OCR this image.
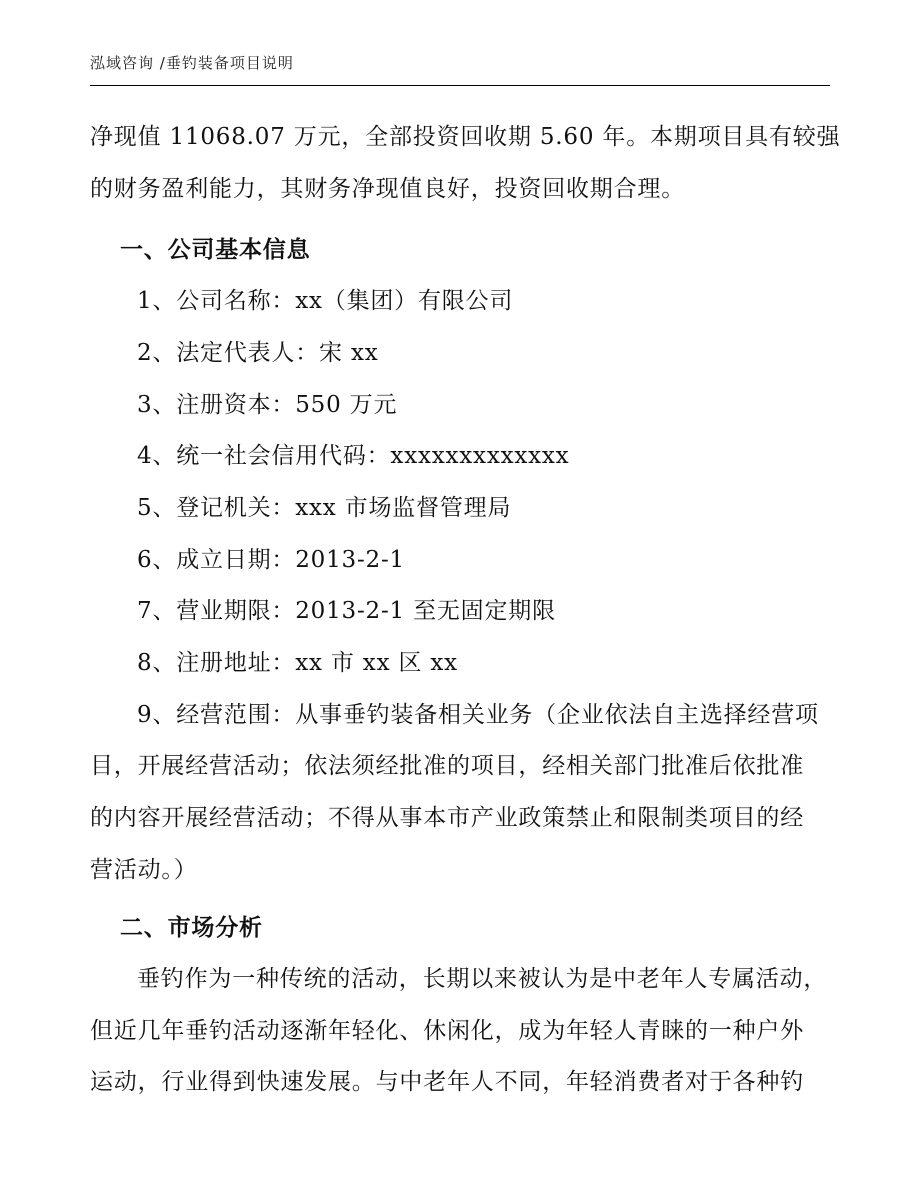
泓域咨询 /垂钓装备项目说明
净现值 11068.07 万元，全部投资回收期 5.60 年。本期项目具有较强
的财务盈利能力，其财务净现值良好，投资回收期合理。
一、公司基本信息
1、公司名称：xx（集团）有限公司
2、法定代表人：宋 xx
3、注册资本：550 万元
4、统一社会信用代码：xxxxxxxxxxxxx
5、登记机关：xxx 市场监督管理局
6、成立日期：2013-2-1
7、营业期限：2013-2-1 至无固定期限
8、注册地址：xx 市 xx 区 xx
9、经营范围：从事垂钓装备相关业务（企业依法自主选择经营项
目，开展经营活动；依法须经批准的项目，经相关部门批准后依批准
的内容开展经营活动；不得从事本市产业政策禁止和限制类项目的经
营活动。）
二、市场分析
垂钓作为一种传统的活动，长期以来被认为是中老年人专属活动，
但近几年垂钓活动逐渐年轻化、休闲化，成为年轻人青睐的一种户外
运动，行业得到快速发展。与中老年人不同，年轻消费者对于各种钓
